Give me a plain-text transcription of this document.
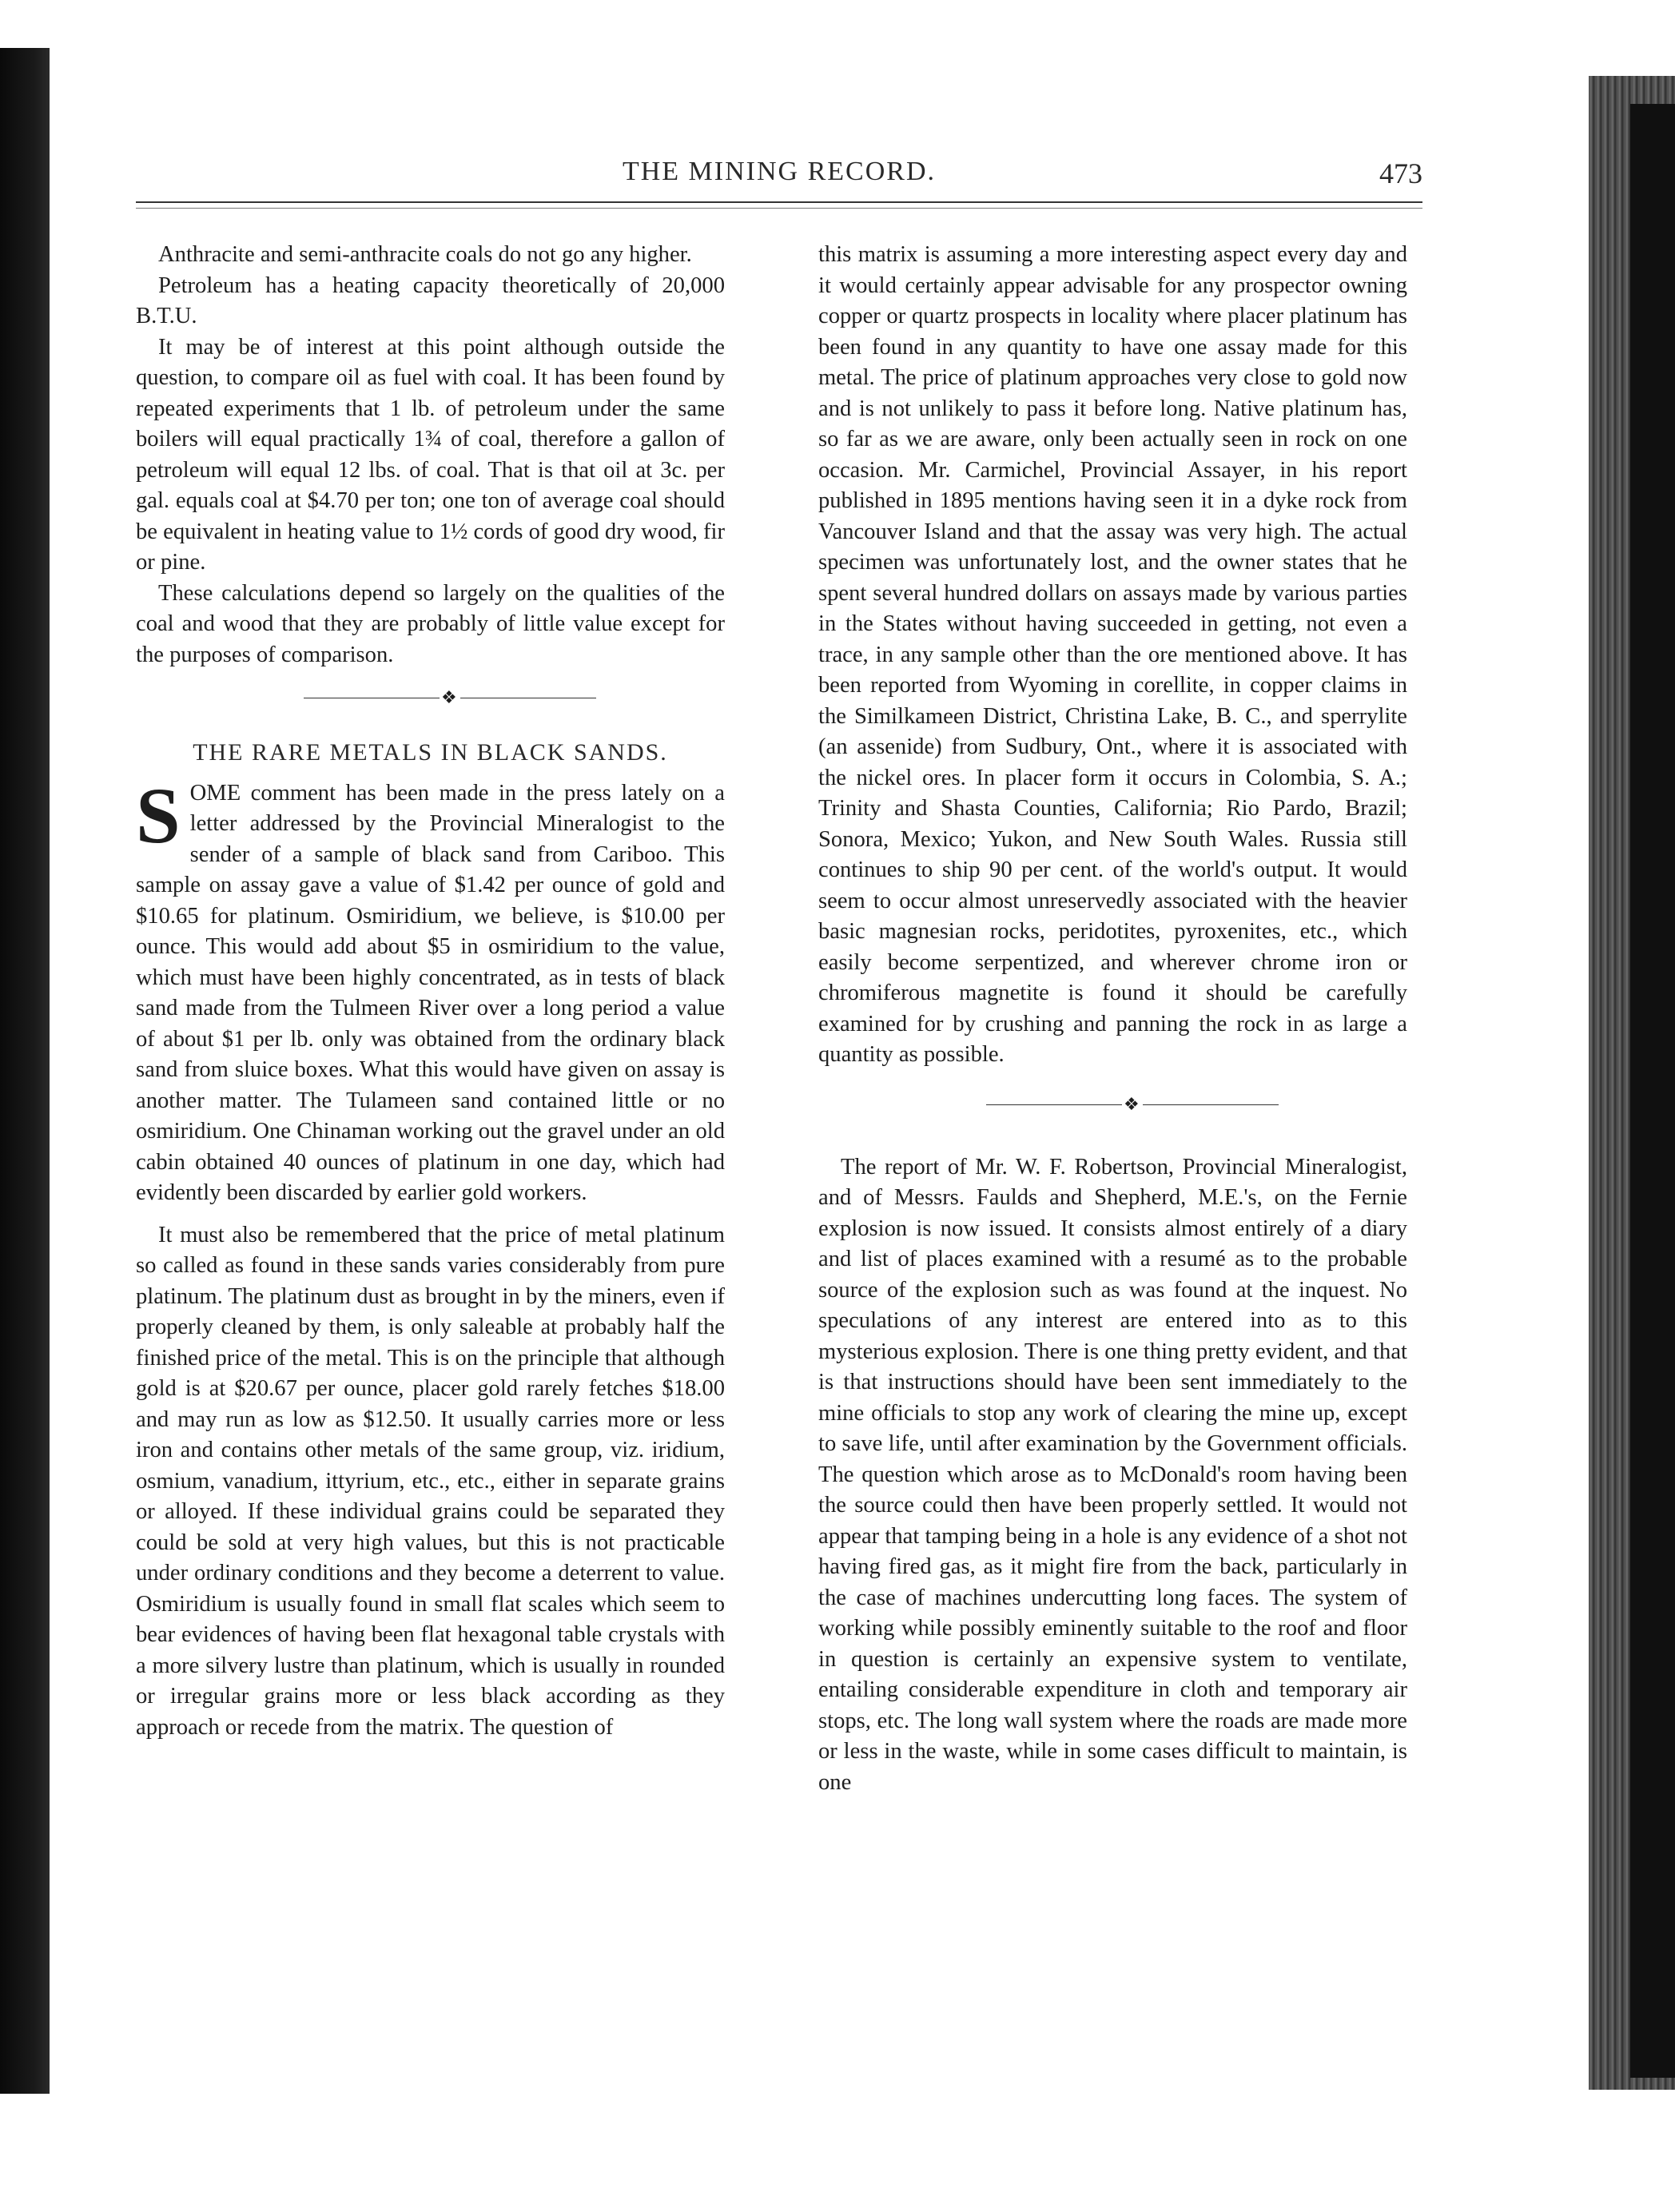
THE MINING RECORD.	473

Anthracite and semi-anthracite coals do not go any higher.

Petroleum has a heating capacity theoretically of 20,000 B.T.U.

It may be of interest at this point although outside the question, to compare oil as fuel with coal. It has been found by repeated experiments that 1 lb. of petroleum under the same boilers will equal practically 1¾ of coal, therefore a gallon of petroleum will equal 12 lbs. of coal. That is that oil at 3c. per gal. equals coal at $4.70 per ton; one ton of average coal should be equivalent in heating value to 1½ cords of good dry wood, fir or pine.

These calculations depend so largely on the qualities of the coal and wood that they are probably of little value except for the purposes of comparison.

❖
THE RARE METALS IN BLACK SANDS.

SOME comment has been made in the press lately on a letter addressed by the Provincial Mineralogist to the sender of a sample of black sand from Cariboo. This sample on assay gave a value of $1.42 per ounce of gold and $10.65 for platinum. Osmiridium, we believe, is $10.00 per ounce. This would add about $5 in osmiridium to the value, which must have been highly concentrated, as in tests of black sand made from the Tulmeen River over a long period a value of about $1 per lb. only was obtained from the ordinary black sand from sluice boxes. What this would have given on assay is another matter. The Tulameen sand contained little or no osmiridium. One Chinaman working out the gravel under an old cabin obtained 40 ounces of platinum in one day, which had evidently been discarded by earlier gold workers.

It must also be remembered that the price of metal platinum so called as found in these sands varies considerably from pure platinum. The platinum dust as brought in by the miners, even if properly cleaned by them, is only saleable at probably half the finished price of the metal. This is on the principle that although gold is at $20.67 per ounce, placer gold rarely fetches $18.00 and may run as low as $12.50. It usually carries more or less iron and contains other metals of the same group, viz. iridium, osmium, vanadium, ittyrium, etc., etc., either in separate grains or alloyed. If these individual grains could be separated they could be sold at very high values, but this is not practicable under ordinary conditions and they become a deterrent to value. Osmiridium is usually found in small flat scales which seem to bear evidences of having been flat hexagonal table crystals with a more silvery lustre than platinum, which is usually in rounded or irregular grains more or less black according as they approach or recede from the matrix. The question of

this matrix is assuming a more interesting aspect every day and it would certainly appear advisable for any prospector owning copper or quartz prospects in locality where placer platinum has been found in any quantity to have one assay made for this metal. The price of platinum approaches very close to gold now and is not unlikely to pass it before long. Native platinum has, so far as we are aware, only been actually seen in rock on one occasion. Mr. Carmichel, Provincial Assayer, in his report published in 1895 mentions having seen it in a dyke rock from Vancouver Island and that the assay was very high. The actual specimen was unfortunately lost, and the owner states that he spent several hundred dollars on assays made by various parties in the States without having succeeded in getting, not even a trace, in any sample other than the ore mentioned above. It has been reported from Wyoming in corellite, in copper claims in the Similkameen District, Christina Lake, B. C., and sperrylite (an assenide) from Sudbury, Ont., where it is associated with the nickel ores. In placer form it occurs in Colombia, S. A.; Trinity and Shasta Counties, California; Rio Pardo, Brazil; Sonora, Mexico; Yukon, and New South Wales. Russia still continues to ship 90 per cent. of the world's output. It would seem to occur almost unreservedly associated with the heavier basic magnesian rocks, peridotites, pyroxenites, etc., which easily become serpentized, and wherever chrome iron or chromiferous magnetite is found it should be carefully examined for by crushing and panning the rock in as large a quantity as possible.

❖

The report of Mr. W. F. Robertson, Provincial Mineralogist, and of Messrs. Faulds and Shepherd, M.E.'s, on the Fernie explosion is now issued. It consists almost entirely of a diary and list of places examined with a resumé as to the probable source of the explosion such as was found at the inquest. No speculations of any interest are entered into as to this mysterious explosion. There is one thing pretty evident, and that is that instructions should have been sent immediately to the mine officials to stop any work of clearing the mine up, except to save life, until after examination by the Government officials. The question which arose as to McDonald's room having been the source could then have been properly settled. It would not appear that tamping being in a hole is any evidence of a shot not having fired gas, as it might fire from the back, particularly in the case of machines undercutting long faces. The system of working while possibly eminently suitable to the roof and floor in question is certainly an expensive system to ventilate, entailing considerable expenditure in cloth and temporary air stops, etc. The long wall system where the roads are made more or less in the waste, while in some cases difficult to maintain, is one
